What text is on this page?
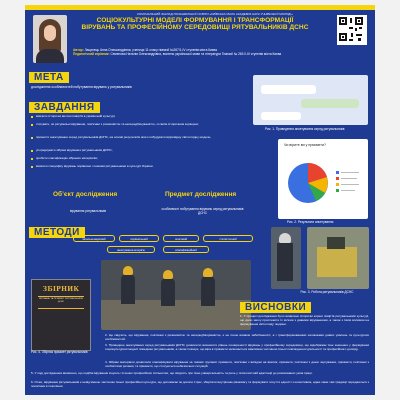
КОМУНАЛЬНИЙ ЗАКЛАД ПОЗАШКІЛЬНОЇ ОСВІТИ «КИЇВСЬКА МАЛА АКАДЕМІЯ НАУК УЧНІВСЬКОЇ МОЛОДІ»
СОЦІОКУЛЬТУРНІ МОДЕЛІ ФОРМУВАННЯ І ТРАНСФОРМАЦІЇ ВІРУВАНЬ ТА ПРОФЕСІЙНОМУ СЕРЕДОВИЩІ РЯТУВАЛЬНИКІВ ДСНС
Автор: Лацинець Анна Олександрівна, учениця 11 класу гімназії №267/1-IV ступенів міста Києва
Педагогічний керівник: Семенова Наталія Олександрівна, вчитель української мови та літератури Гімназії № 263 ІІ-ІІІ ступенів міста Києва
МЕТА
дослідження особливостей побутування вірувань у рятувальників
ЗАВДАННЯ
вивчити історичні витоки повір’їв в українській культурі;
з’ясувати, як рятувальні вірування, пов’язані з ризиковістю та непередбачуваністю, зі своїм історичним корінцем;
провести анкетування серед рятувальників ДСНС, на основі результатів якого побудувати відповідну світоглядну модель;
упорядкувати зібрані вірування рятувальників ДСНС;
зробити класифікацію зібраних матеріалів;
виявити специфіку вірувань порівняно з іншими рятувальними в культурі України.
Рис. 1. Проведення анкетування серед рятувальників
Чи вірите ви у прикмети?
Рис. 2. Результати анкетування
Об’єкт дослідження
вірування рятувальників
Предмет дослідження
особливості побутування вірувань серед рятувальників ДСНС
МЕТОДИ
загальнонауковий	порівняльний	описовий	статистичний
анкетування-інтерв’ю	класифікаційний
Рис. 3. Робота рятувальників ДСНС
ЗБІРНИК
ВІРУВАНЬ ТА ПРИКМЕТ РЯТУВАЛЬНИКІВ ДСНС
Рис. 4. Збірник прикмет рятувальників
ВИСНОВКИ
1. У процесі дослідження було виявлено історичні корені повір’їв рятувальників культурі, що дало змогу простежити їх зв’язок з давніми віруваннями, а також з їхнім впливом на формування світогляду людини.
2. Це свідчить, що вірування, пов’язані з ризиковістю та непередбачуваністю, є не лише виявом забобонності, а і трансформованими залишками давніх уявлень та культурних особливостей.
3. Проведене анкетування серед рятувальників ДСНС дозволило визначити рівень поширеності вірувань у професійному середовищі, що відображає їхнє значення у формуванні соціокультурної моделі поведінки рятувальників, а також показує, що віра в прикмети залишається важливою частиною їхньої повсякденної діяльності та професійного досвіду.
4. Зібрані матеріали дозволили класифікувати вірування за такими групами: прикмети, пов’язані з виїздом на виклик, прикмети, пов’язані з днем чергування, прикмети, пов’язані з особистими речами, та прикмети, що стосуються небезпечних ситуацій.
5. У ході дослідження виявлено, що подібні вірування існують і в інших професійних спільнотах, що свідчить про їхню універсальність та роль у психологічній адаптації до ризикованих умов праці.
6. Отже, вірування рятувальників є невід’ємною частиною їхньої професійної культури, що допомагає їм долати стрес, зберігати внутрішню рівновагу та формувати почуття єдності з колективом, адже саме такі традиції передаються з покоління в покоління.
